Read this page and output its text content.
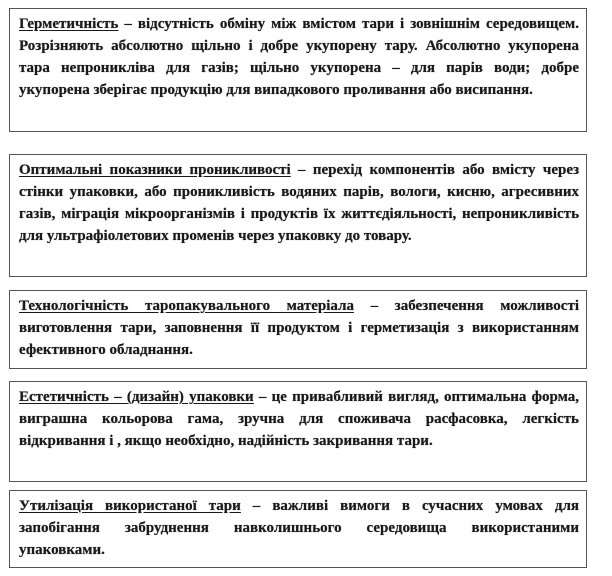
Герметичність – відсутність обміну між вмістом тари і зовнішнім середовищем. Розрізняють абсолютно щільно і добре укупорену тару. Абсолютно укупорена тара непроникліва для газів; щільно укупорена – для парів води; добре укупорена зберігає продукцію для випадкового проливання або висипання.

Оптимальні показники проникливості – перехід компонентів або вмісту через стінки упаковки, або проникливість водяних парів, вологи, кисню, агресивних газів, міграція мікроорганізмів і продуктів їх життєдіяльності, непроникливість для ультрафіолетових променів через упаковку до товару.

Технологічність таропакувального матеріала – забезпечення можливості виготовлення тари, заповнення її продуктом і герметизація з використанням ефективного обладнання.

Естетичність – (дизайн) упаковки – це привабливий вигляд, оптимальна форма, виграшна кольорова гама, зручна для споживача расфасовка, легкість відкривання і , якщо необхідно, надійність закривання тари.

Утилізація використаної тари – важливі вимоги в сучасних умовах для запобігання забруднення навколишнього середовища використаними упаковками.
